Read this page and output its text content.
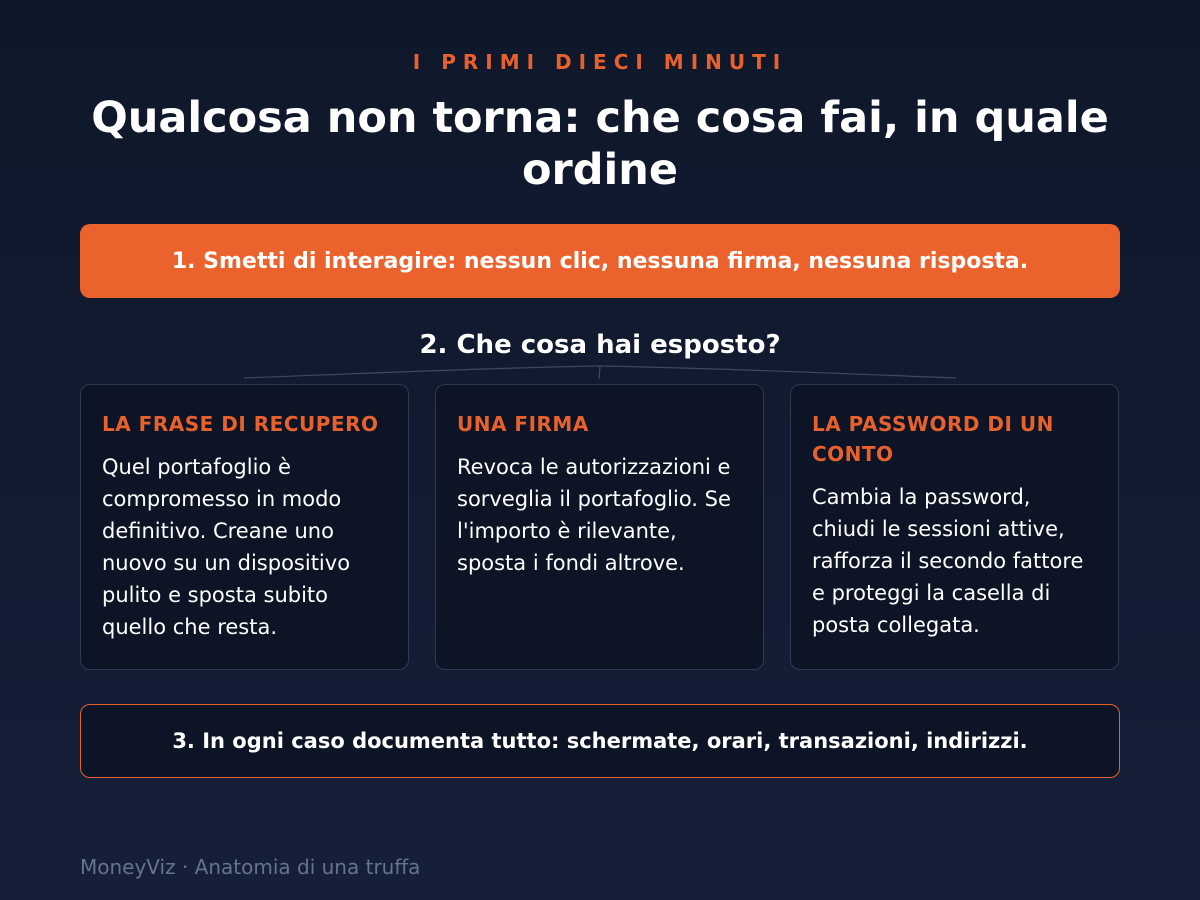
I PRIMI DIECI MINUTI
Qualcosa non torna: che cosa fai, in quale ordine
1. Smetti di interagire: nessun clic, nessuna firma, nessuna risposta.
2. Che cosa hai esposto?
LA FRASE DI RECUPERO

Quel portafoglio è compromesso in modo definitivo. Creane uno nuovo su un dispositivo pulito e sposta subito quello che resta.

UNA FIRMA

Revoca le autorizzazioni e sorveglia il portafoglio. Se l'importo è rilevante, sposta i fondi altrove.

LA PASSWORD DI UN CONTO

Cambia la password, chiudi le sessioni attive, rafforza il secondo fattore e proteggi la casella di posta collegata.

3. In ogni caso documenta tutto: schermate, orari, transazioni, indirizzi.
MoneyViz · Anatomia di una truffa
